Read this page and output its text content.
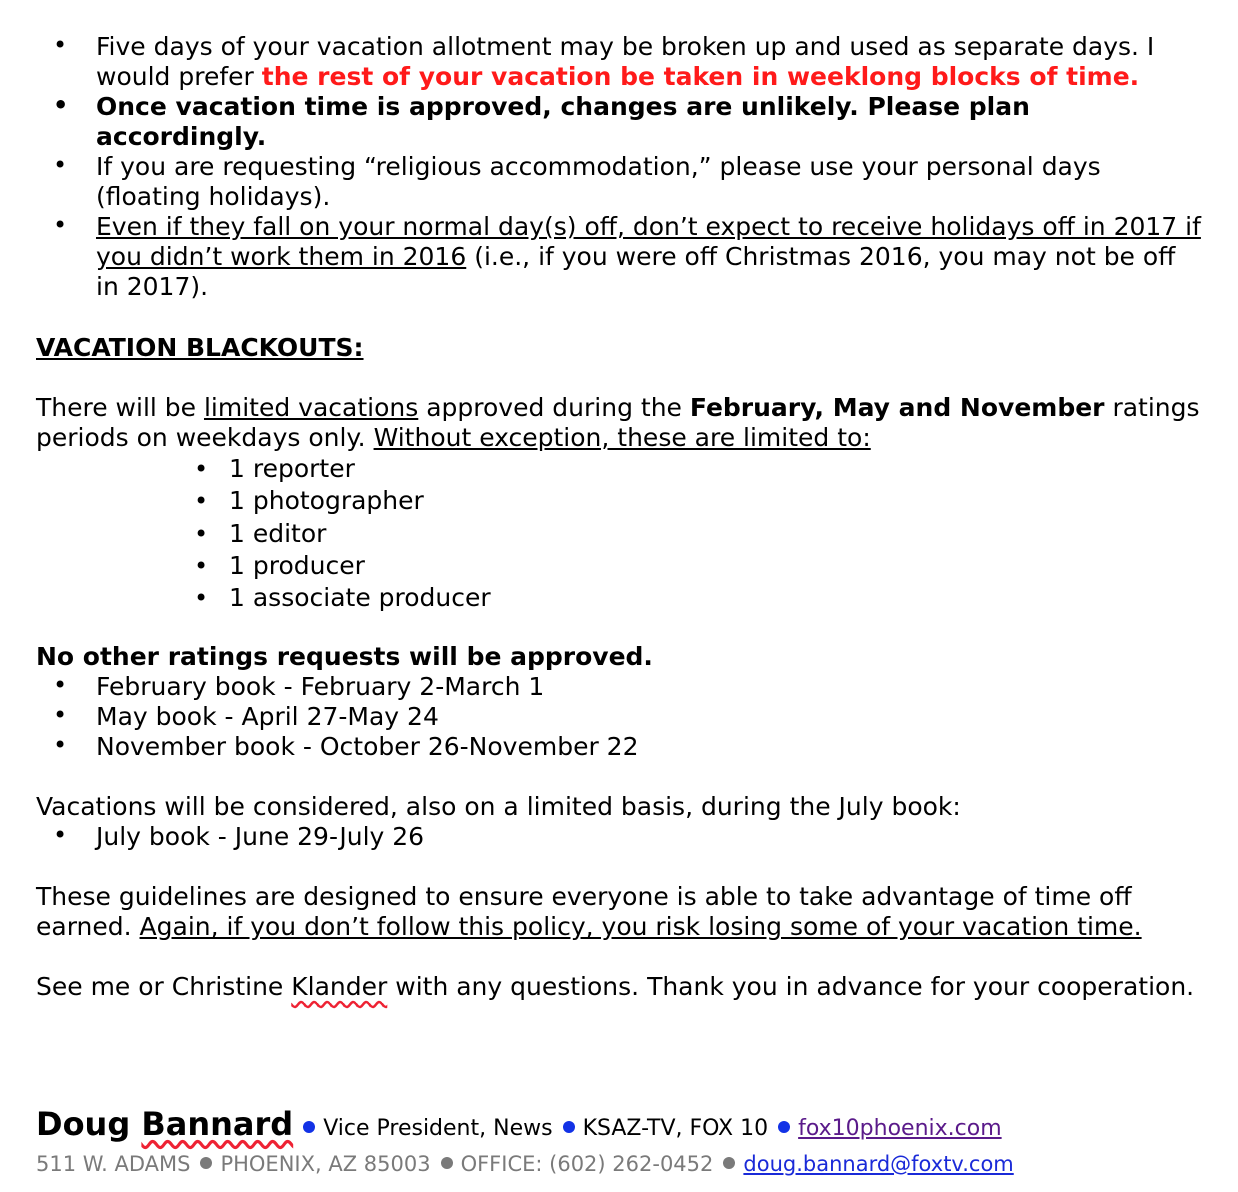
• Five days of your vacation allotment may be broken up and used as separate days. I would prefer the rest of your vacation be taken in weeklong blocks of time.
• Once vacation time is approved, changes are unlikely. Please plan accordingly.
• If you are requesting “religious accommodation,” please use your personal days (floating holidays).
• Even if they fall on your normal day(s) off, don’t expect to receive holidays off in 2017 if you didn’t work them in 2016 (i.e., if you were off Christmas 2016, you may not be off in 2017).
VACATION BLACKOUTS:
There will be limited vacations approved during the February, May and November ratings periods on weekdays only. Without exception, these are limited to:
• 1 reporter
• 1 photographer
• 1 editor
• 1 producer
• 1 associate producer
No other ratings requests will be approved.
• February book - February 2-March 1
• May book - April 27-May 24
• November book - October 26-November 22
Vacations will be considered, also on a limited basis, during the July book:
• July book - June 29-July 26
These guidelines are designed to ensure everyone is able to take advantage of time off earned. Again, if you don’t follow this policy, you risk losing some of your vacation time.
See me or Christine Klander with any questions. Thank you in advance for your cooperation.
Doug Bannard Vice President, News KSAZ-TV, FOX 10 fox10phoenix.com
511 W. ADAMS PHOENIX, AZ 85003 OFFICE: (602) 262-0452 doug.bannard@foxtv.com
